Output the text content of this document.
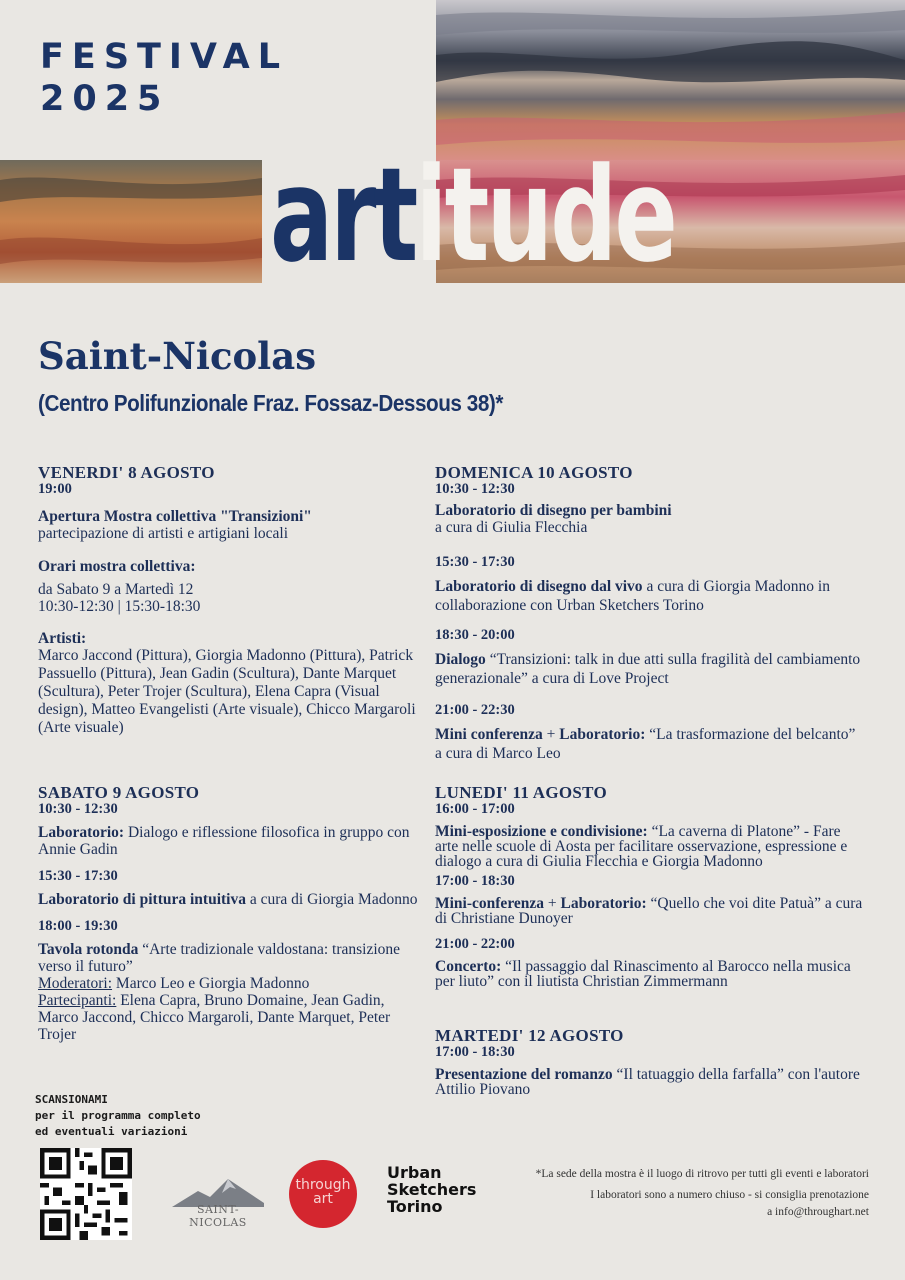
FESTIVAL
2025
artitude
Saint-Nicolas
(Centro Polifunzionale Fraz. Fossaz-Dessous 38)*

VENERDI' 8 AGOSTO

19:00

Apertura Mostra collettiva "Transizioni"

partecipazione di artisti e artigiani locali

Orari mostra collettiva:

da Sabato 9 a Martedì 12

10:30-12:30 | 15:30-18:30

Artisti:

Marco Jaccond (Pittura), Giorgia Madonno (Pittura), Patrick Passuello (Pittura), Jean Gadin (Scultura), Dante Marquet (Scultura), Peter Trojer (Scultura), Elena Capra (Visual design), Matteo Evangelisti (Arte visuale), Chicco Margaroli (Arte visuale)

SABATO 9 AGOSTO

10:30 - 12:30

Laboratorio: Dialogo e riflessione filosofica in gruppo con Annie Gadin

15:30 - 17:30

Laboratorio di pittura intuitiva a cura di Giorgia Madonno

18:00 - 19:30

Tavola rotonda “Arte tradizionale valdostana: transizione verso il futuro”

Moderatori: Marco Leo e Giorgia Madonno

Partecipanti: Elena Capra, Bruno Domaine, Jean Gadin, Marco Jaccond, Chicco Margaroli, Dante Marquet, Peter Trojer

DOMENICA 10 AGOSTO

10:30 - 12:30

Laboratorio di disegno per bambini

a cura di Giulia Flecchia

15:30 - 17:30

Laboratorio di disegno dal vivo a cura di Giorgia Madonno in collaborazione con Urban Sketchers Torino

18:30 - 20:00

Dialogo “Transizioni: talk in due atti sulla fragilità del cambiamento generazionale” a cura di Love Project

21:00 - 22:30

Mini conferenza + Laboratorio: “La trasformazione del belcanto” a cura di Marco Leo

LUNEDI' 11 AGOSTO

16:00 - 17:00

Mini-esposizione e condivisione: “La caverna di Platone” - Fare arte nelle scuole di Aosta per facilitare osservazione, espressione e dialogo a cura di Giulia Flecchia e Giorgia Madonno

17:00 - 18:30

Mini-conferenza + Laboratorio: “Quello che voi dite Patuà” a cura di Christiane Dunoyer

21:00 - 22:00

Concerto: “Il passaggio dal Rinascimento al Barocco nella musica per liuto” con il liutista Christian Zimmermann

MARTEDI' 12 AGOSTO

17:00 - 18:30

Presentazione del romanzo “Il tatuaggio della farfalla” con l'autore Attilio Piovano

SCANSIONAMI
per il programma completo
ed eventuali variazioni
SAINT-NICOLAS
through
art
Urban
Sketchers
Torino

*La sede della mostra è il luogo di ritrovo per tutti gli eventi e laboratori

I laboratori sono a numero chiuso - si consiglia prenotazione

a info@throughart.net
